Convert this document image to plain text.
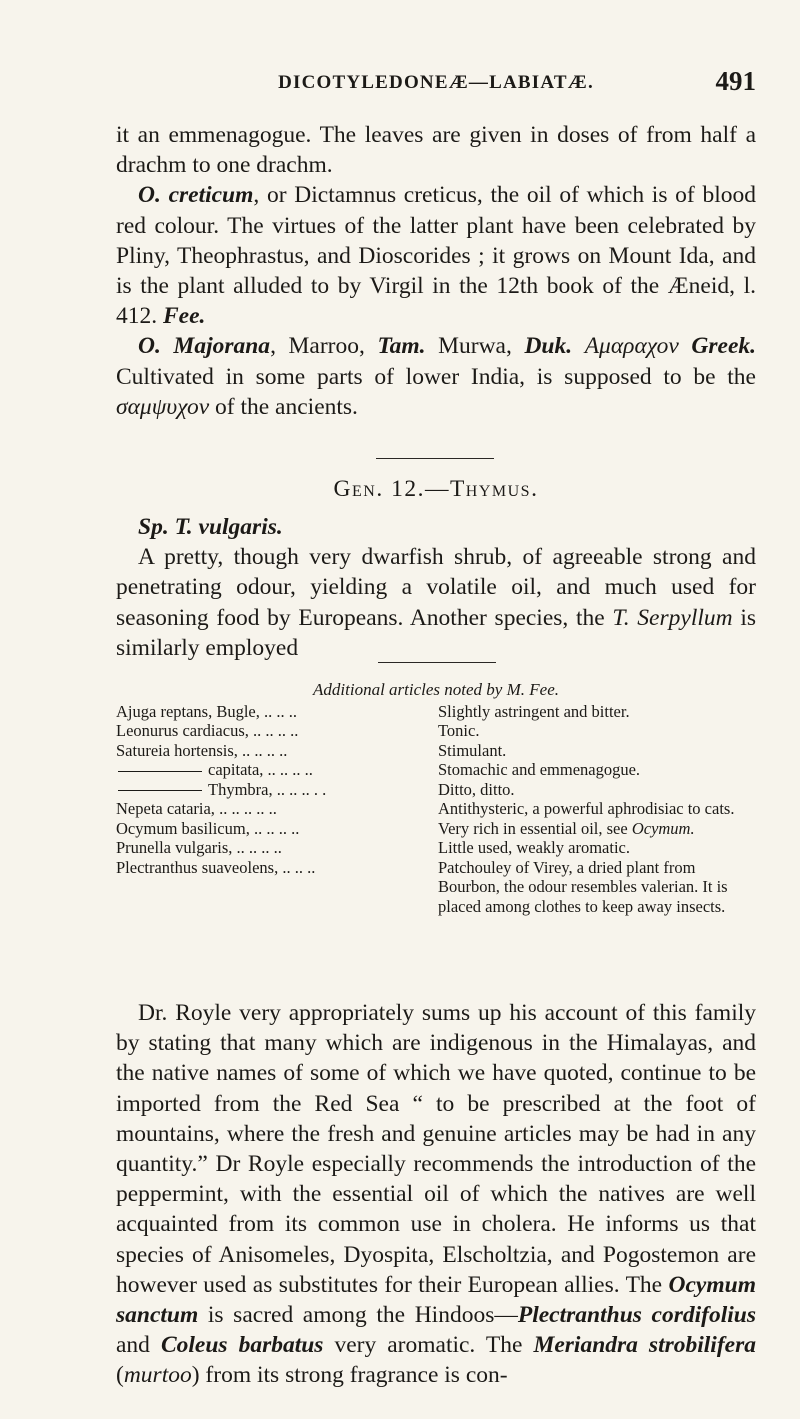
DICOTYLEDONEÆ—LABIATÆ.	491

it an emmenagogue. The leaves are given in doses of from half a drachm to one drachm.
O. creticum, or Dictamnus creticus, the oil of which is of blood red colour. The virtues of the latter plant have been celebrated by Pliny, Theophrastus, and Dioscorides ; it grows on Mount Ida, and is the plant alluded to by Virgil in the 12th book of the Æneid, l. 412. Fee.
O. Majorana, Marroo, Tam. Murwa, Duk. Αμαραχον Greek. Cultivated in some parts of lower India, is supposed to be the σαμψυχον of the ancients.

Gen. 12.—Thymus.

Sp. T. vulgaris.

A pretty, though very dwarfish shrub, of agreeable strong and penetrating odour, yielding a volatile oil, and much used for seasoning food by Europeans. Another species, the T. Serpyllum is similarly employed

Additional articles noted by M. Fee.
Ajuga reptans, Bugle, .. .. ..	Slightly astringent and bitter.
Leonurus cardiacus, .. .. .. ..	Tonic.
Satureia hortensis, .. .. .. ..	Stimulant.
capitata, .. .. .. ..	Stomachic and emmenagogue.
Thymbra, .. .. .. . .	Ditto, ditto.
Nepeta cataria, .. .. .. .. ..	Antithysteric, a powerful aphrodisiac to cats.
Ocymum basilicum, .. .. .. ..	Very rich in essential oil, see Ocymum.
Prunella vulgaris, .. .. .. ..	Little used, weakly aromatic.
Plectranthus suaveolens, .. .. ..	Patchouley of Virey, a dried plant from Bourbon, the odour resembles valerian. It is placed among clothes to keep away insects.

Dr. Royle very appropriately sums up his account of this family by stating that many which are indigenous in the Himalayas, and the native names of some of which we have quoted, continue to be imported from the Red Sea “ to be prescribed at the foot of mountains, where the fresh and genuine articles may be had in any quantity.” Dr Royle especially recommends the introduction of the peppermint, with the essential oil of which the natives are well acquainted from its common use in cholera. He informs us that species of Anisomeles, Dyospita, Elscholtzia, and Pogostemon are however used as substitutes for their European allies. The Ocymum sanctum is sacred among the Hindoos—Plectranthus cordifolius and Coleus barbatus very aromatic. The Meriandra strobilifera (murtoo) from its strong fragrance is con-
